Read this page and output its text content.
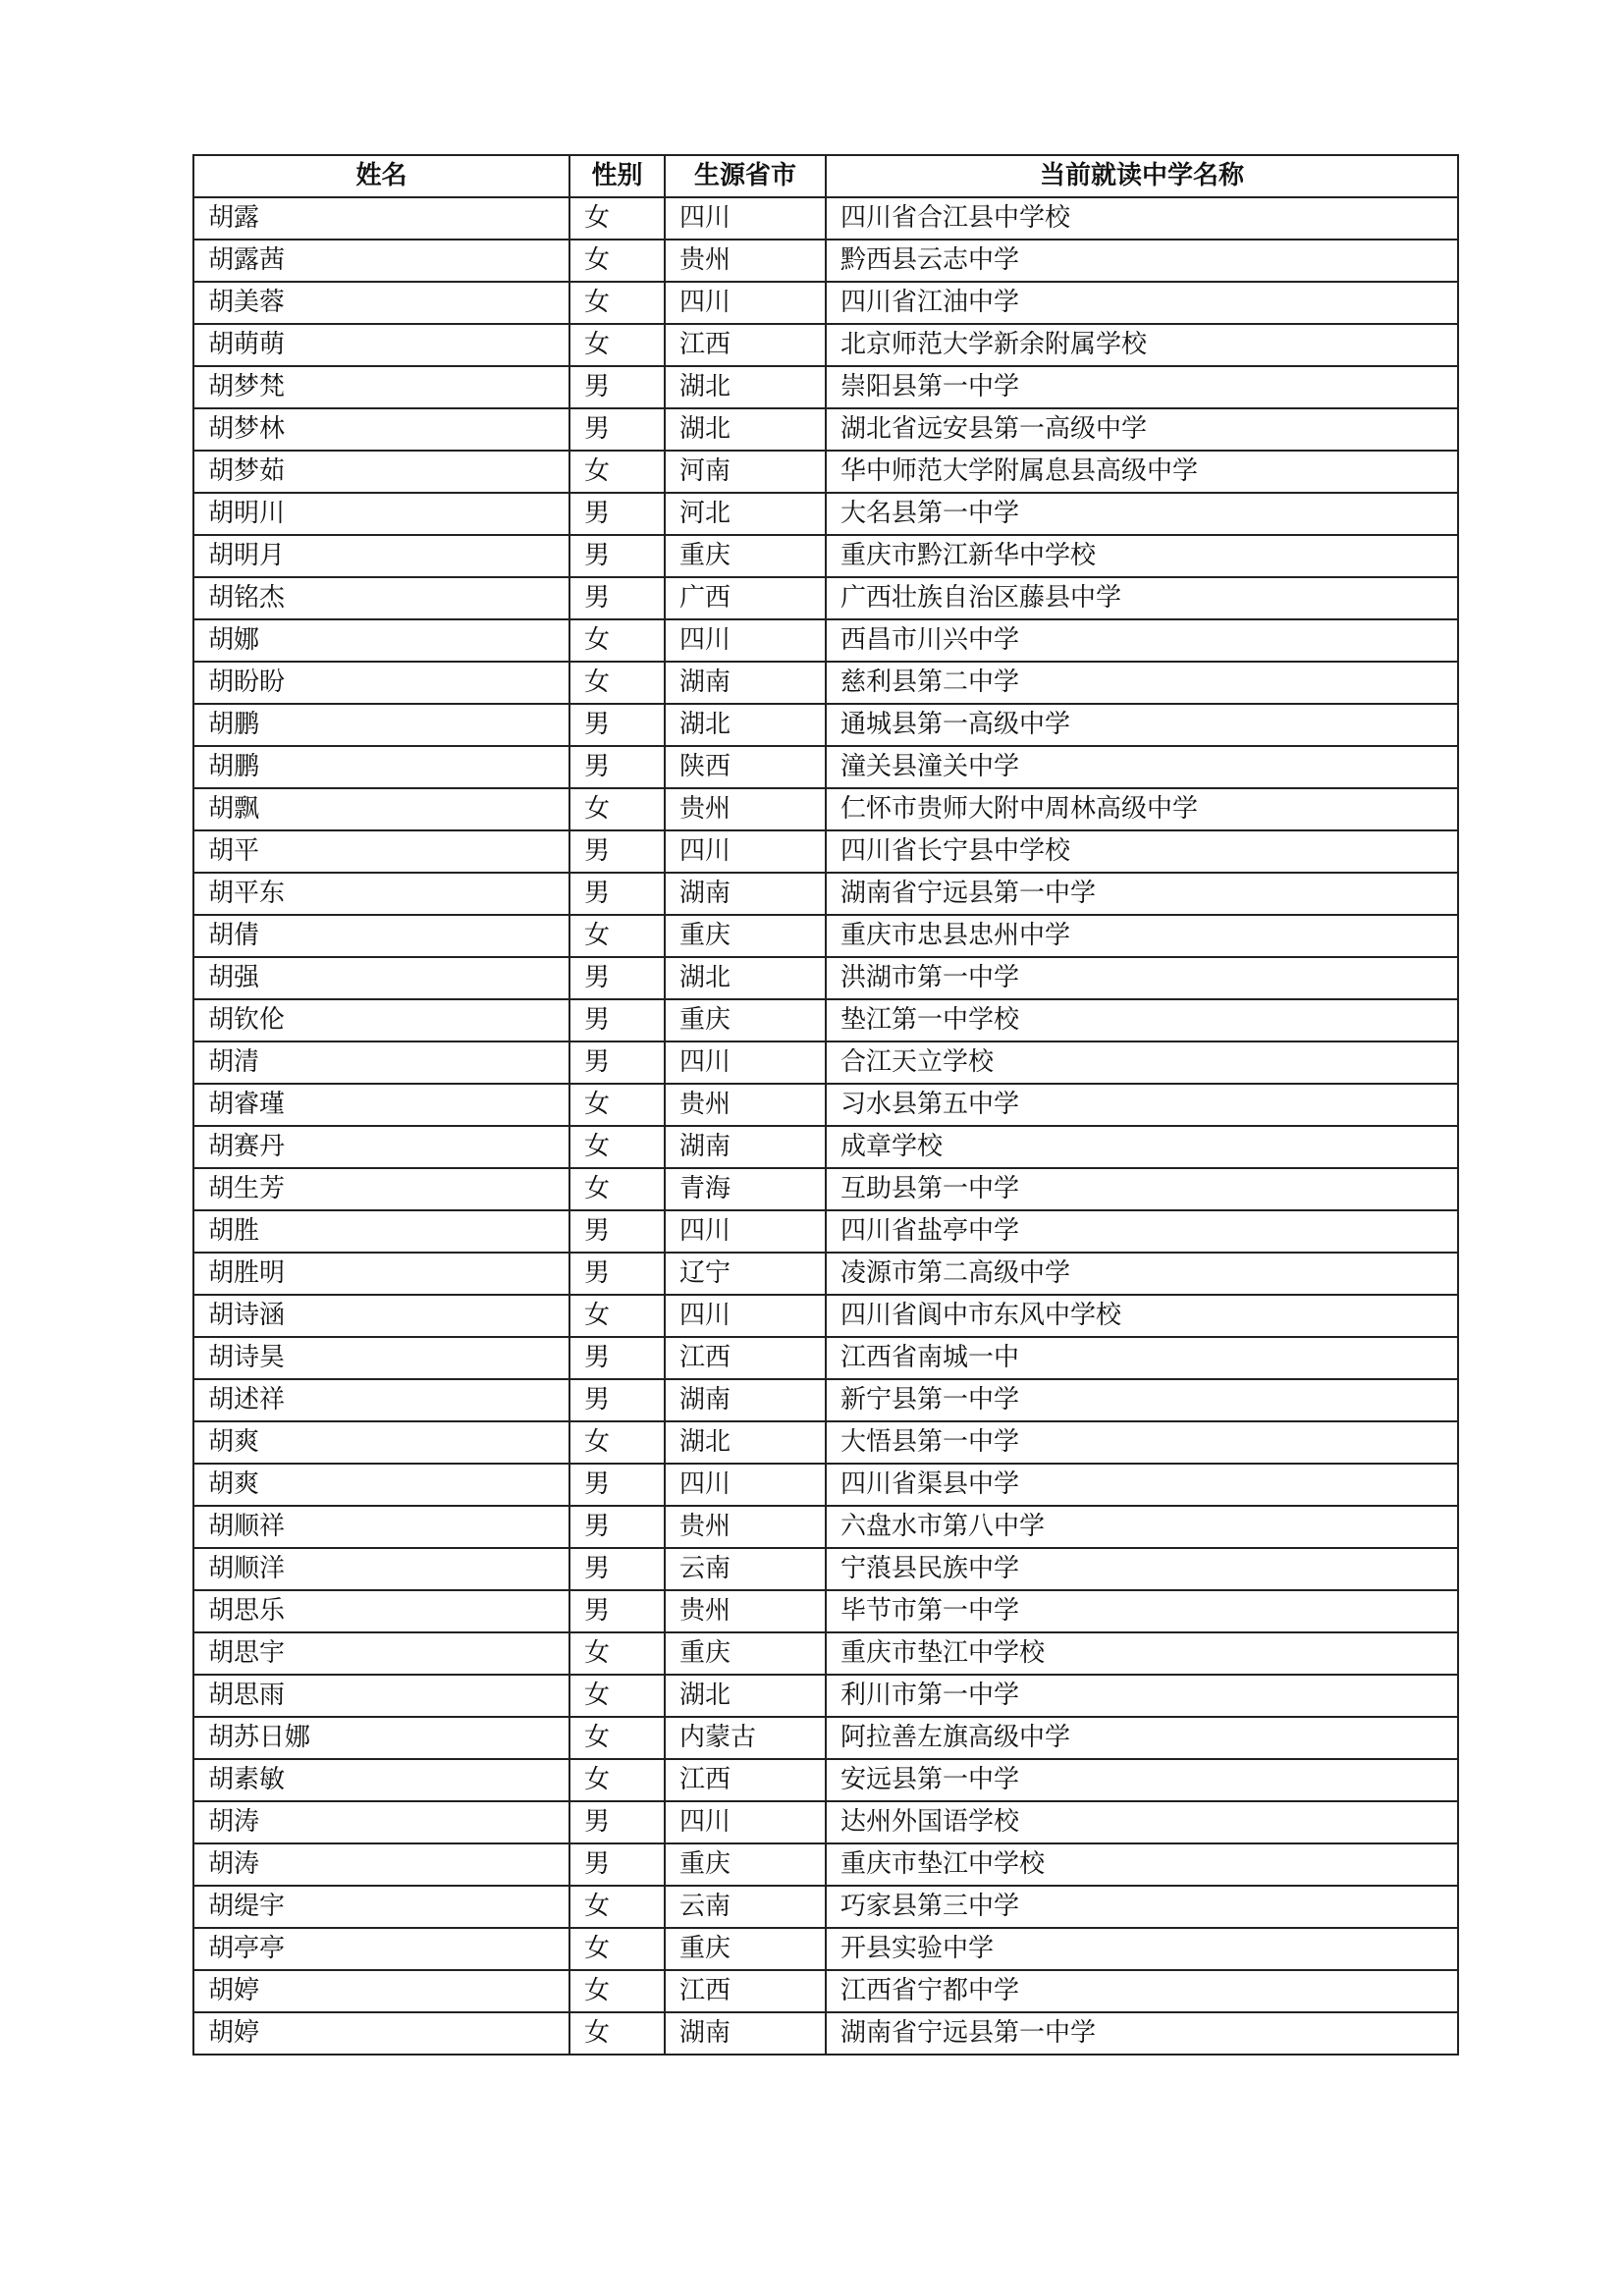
姓名	性别	生源省市	当前就读中学名称
胡露	女	四川	四川省合江县中学校
胡露茜	女	贵州	黔西县云志中学
胡美蓉	女	四川	四川省江油中学
胡萌萌	女	江西	北京师范大学新余附属学校
胡梦梵	男	湖北	崇阳县第一中学
胡梦林	男	湖北	湖北省远安县第一高级中学
胡梦茹	女	河南	华中师范大学附属息县高级中学
胡明川	男	河北	大名县第一中学
胡明月	男	重庆	重庆市黔江新华中学校
胡铭杰	男	广西	广西壮族自治区藤县中学
胡娜	女	四川	西昌市川兴中学
胡盼盼	女	湖南	慈利县第二中学
胡鹏	男	湖北	通城县第一高级中学
胡鹏	男	陕西	潼关县潼关中学
胡飘	女	贵州	仁怀市贵师大附中周林高级中学
胡平	男	四川	四川省长宁县中学校
胡平东	男	湖南	湖南省宁远县第一中学
胡倩	女	重庆	重庆市忠县忠州中学
胡强	男	湖北	洪湖市第一中学
胡钦伦	男	重庆	垫江第一中学校
胡清	男	四川	合江天立学校
胡睿瑾	女	贵州	习水县第五中学
胡赛丹	女	湖南	成章学校
胡生芳	女	青海	互助县第一中学
胡胜	男	四川	四川省盐亭中学
胡胜明	男	辽宁	凌源市第二高级中学
胡诗涵	女	四川	四川省阆中市东风中学校
胡诗昊	男	江西	江西省南城一中
胡述祥	男	湖南	新宁县第一中学
胡爽	女	湖北	大悟县第一中学
胡爽	男	四川	四川省渠县中学
胡顺祥	男	贵州	六盘水市第八中学
胡顺洋	男	云南	宁蒗县民族中学
胡思乐	男	贵州	毕节市第一中学
胡思宇	女	重庆	重庆市垫江中学校
胡思雨	女	湖北	利川市第一中学
胡苏日娜	女	内蒙古	阿拉善左旗高级中学
胡素敏	女	江西	安远县第一中学
胡涛	男	四川	达州外国语学校
胡涛	男	重庆	重庆市垫江中学校
胡缇宇	女	云南	巧家县第三中学
胡亭亭	女	重庆	开县实验中学
胡婷	女	江西	江西省宁都中学
胡婷	女	湖南	湖南省宁远县第一中学
